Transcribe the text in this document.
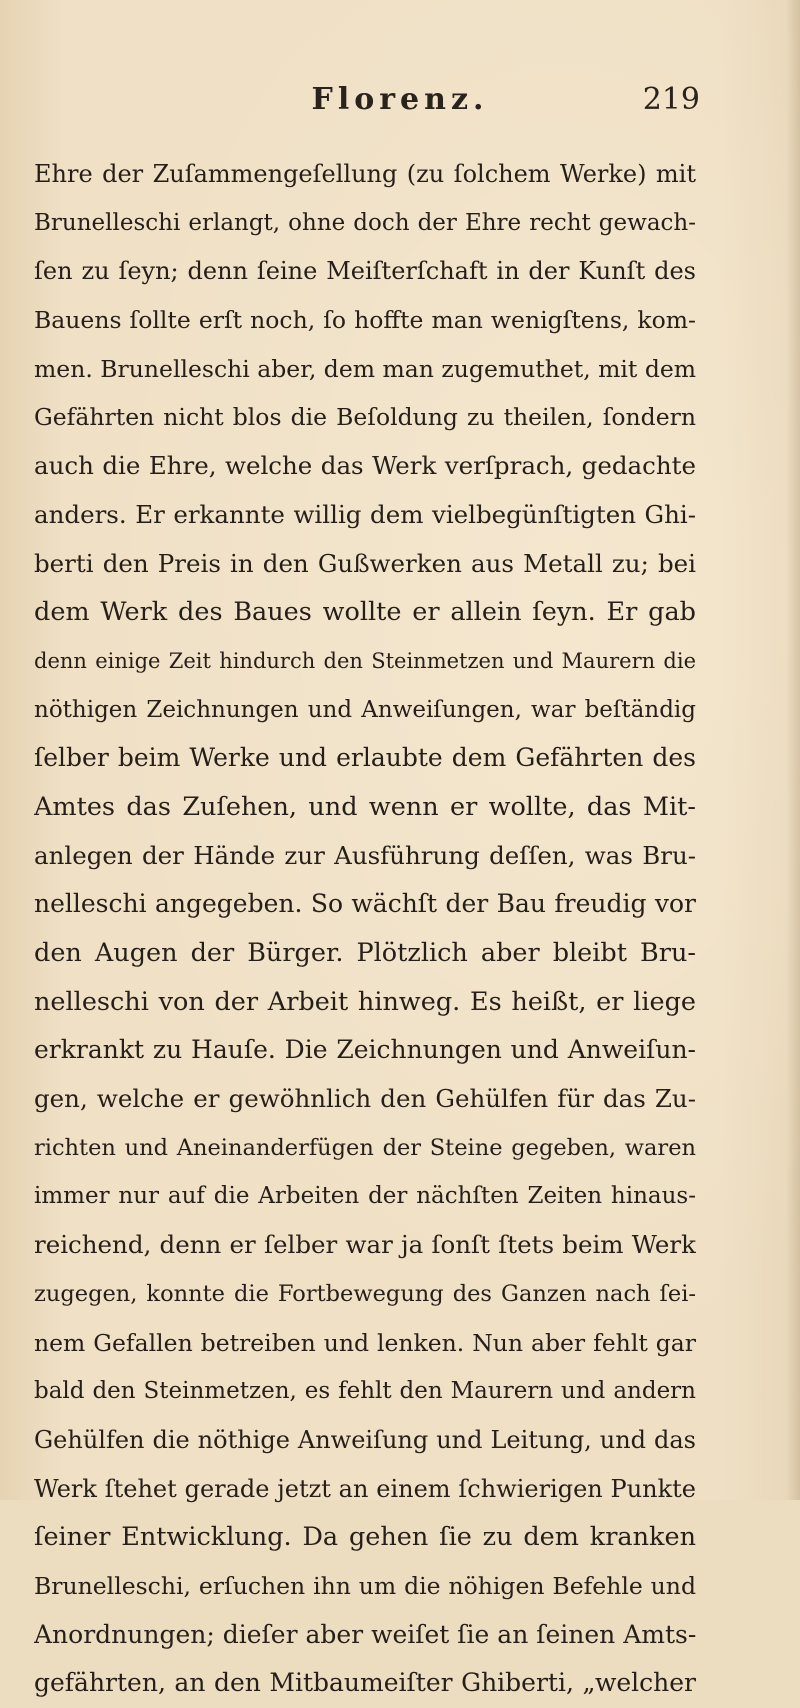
Florenz.	219
Ehre der Zuſammengeſellung (zu ſolchem Werke) mit
Brunelleschi erlangt, ohne doch der Ehre recht gewach-
ſen zu ſeyn; denn ſeine Meiſterſchaft in der Kunſt des
Bauens ſollte erſt noch, ſo hoffte man wenigſtens, kom-
men. Brunelleschi aber, dem man zugemuthet, mit dem
Gefährten nicht blos die Beſoldung zu theilen, ſondern
auch die Ehre, welche das Werk verſprach, gedachte
anders. Er erkannte willig dem vielbegünſtigten Ghi-
berti den Preis in den Gußwerken aus Metall zu; bei
dem Werk des Baues wollte er allein ſeyn. Er gab
denn einige Zeit hindurch den Steinmetzen und Maurern die
nöthigen Zeichnungen und Anweiſungen, war beſtändig
ſelber beim Werke und erlaubte dem Gefährten des
Amtes das Zuſehen, und wenn er wollte, das Mit-
anlegen der Hände zur Ausführung deſſen, was Bru-
nelleschi angegeben. So wächſt der Bau freudig vor
den Augen der Bürger. Plötzlich aber bleibt Bru-
nelleschi von der Arbeit hinweg. Es heißt, er liege
erkrankt zu Hauſe. Die Zeichnungen und Anweiſun-
gen, welche er gewöhnlich den Gehülfen für das Zu-
richten und Aneinanderfügen der Steine gegeben, waren
immer nur auf die Arbeiten der nächſten Zeiten hinaus-
reichend, denn er ſelber war ja ſonſt ſtets beim Werk
zugegen, konnte die Fortbewegung des Ganzen nach ſei-
nem Gefallen betreiben und lenken. Nun aber fehlt gar
bald den Steinmetzen, es fehlt den Maurern und andern
Gehülfen die nöthige Anweiſung und Leitung, und das
Werk ſtehet gerade jetzt an einem ſchwierigen Punkte
ſeiner Entwicklung. Da gehen ſie zu dem kranken
Brunelleschi, erſuchen ihn um die nöhigen Befehle und
Anordnungen; dieſer aber weiſet ſie an ſeinen Amts-
gefährten, an den Mitbaumeiſter Ghiberti, „welcher
